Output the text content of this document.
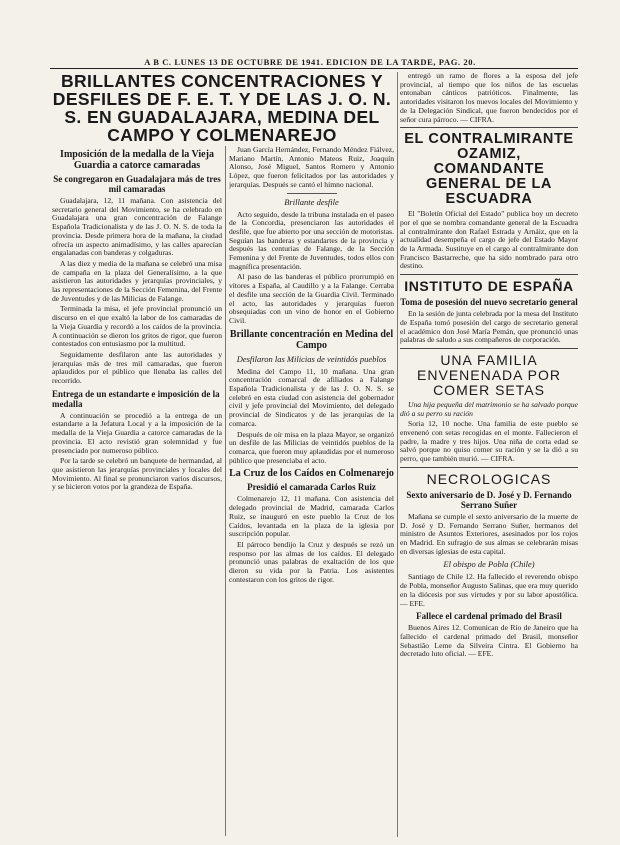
A B C. LUNES 13 DE OCTUBRE DE 1941. EDICION DE LA TARDE, PAG. 20.
BRILLANTES CONCENTRACIONES Y DESFILES DE F. E. T. Y DE LAS J. O. N. S. EN GUADALAJARA, MEDINA DEL CAMPO Y COLMENAREJO
Imposición de la medalla de la Vieja Guardia a catorce camaradas
Se congregaron en Guadalajara más de tres mil camaradas

Guadalajara, 12, 11 mañana. Con asistencia del secretario general del Movimiento, se ha celebrado en Guadalajara una gran concentración de Falange Española Tradicionalista y de las J. O. N. S. de toda la provincia. Desde primera hora de la mañana, la ciudad ofrecía un aspecto animadísimo, y las calles aparecían engalanadas con banderas y colgaduras.

A las diez y media de la mañana se celebró una misa de campaña en la plaza del Generalísimo, a la que asistieron las autoridades y jerarquías provinciales, y las representaciones de la Sección Femenina, del Frente de Juventudes y de las Milicias de Falange.

Terminada la misa, el jefe provincial pronunció un discurso en el que exaltó la labor de los camaradas de la Vieja Guardia y recordó a los caídos de la provincia. A continuación se dieron los gritos de rigor, que fueron contestados con entusiasmo por la multitud.

Seguidamente desfilaron ante las autoridades y jerarquías más de tres mil camaradas, que fueron aplaudidos por el público que llenaba las calles del recorrido.

Entrega de un estandarte e imposición de la medalla

A continuación se procedió a la entrega de un estandarte a la Jefatura Local y a la imposición de la medalla de la Vieja Guardia a catorce camaradas de la provincia. El acto revistió gran solemnidad y fue presenciado por numeroso público.

Por la tarde se celebró un banquete de hermandad, al que asistieron las jerarquías provinciales y locales del Movimiento. Al final se pronunciaron varios discursos, y se hicieron votos por la grandeza de España.

Juan García Hernández, Fernando Méndez Fiálvez, Mariano Martín, Antonio Mateos Ruiz, Joaquín Alonso, José Miguel, Santos Romero y Antonio López, que fueron felicitados por las autoridades y jerarquías. Después se cantó el himno nacional.

Brillante desfile

Acto seguido, desde la tribuna instalada en el paseo de la Concordia, presenciaron las autoridades el desfile, que fue abierto por una sección de motoristas. Seguían las banderas y estandartes de la provincia y después las centurias de Falange, de la Sección Femenina y del Frente de Juventudes, todos ellos con magnífica presentación.

Al paso de las banderas el público prorrumpió en vítores a España, al Caudillo y a la Falange. Cerraba el desfile una sección de la Guardia Civil. Terminado el acto, las autoridades y jerarquías fueron obsequiadas con un vino de honor en el Gobierno Civil.

Brillante concentración en Medina del Campo
Desfilaron las Milicias de veintidós pueblos

Medina del Campo 11, 10 mañana. Una gran concentración comarcal de afiliados a Falange Española Tradicionalista y de las J. O. N. S. se celebró en esta ciudad con asistencia del gobernador civil y jefe provincial del Movimiento, del delegado provincial de Sindicatos y de las jerarquías de la comarca.

Después de oír misa en la plaza Mayor, se organizó un desfile de las Milicias de veintidós pueblos de la comarca, que fueron muy aplaudidas por el numeroso público que presenciaba el acto.

La Cruz de los Caídos en Colmenarejo
Presidió el camarada Carlos Ruiz

Colmenarejo 12, 11 mañana. Con asistencia del delegado provincial de Madrid, camarada Carlos Ruiz, se inauguró en este pueblo la Cruz de los Caídos, levantada en la plaza de la iglesia por suscripción popular.

El párroco bendijo la Cruz y después se rezó un responso por las almas de los caídos. El delegado pronunció unas palabras de exaltación de los que dieron su vida por la Patria. Los asistentes contestaron con los gritos de rigor.

entregó un ramo de flores a la esposa del jefe provincial, al tiempo que los niños de las escuelas entonaban cánticos patrióticos. Finalmente, las autoridades visitaron los nuevos locales del Movimiento y de la Delegación Sindical, que fueron bendecidos por el señor cura párroco. — CIFRA.

EL CONTRALMIRANTE OZAMIZ, COMANDANTE GENERAL DE LA ESCUADRA

El "Boletín Oficial del Estado" publica hoy un decreto por el que se nombra comandante general de la Escuadra al contralmirante don Rafael Estrada y Arnáiz, que en la actualidad desempeña el cargo de jefe del Estado Mayor de la Armada. Sustituye en el cargo al contralmirante don Francisco Bastarreche, que ha sido nombrado para otro destino.

INSTITUTO DE ESPAÑA
Toma de posesión del nuevo secretario general

En la sesión de junta celebrada por la mesa del Instituto de España tomó posesión del cargo de secretario general el académico don José María Pemán, que pronunció unas palabras de saludo a sus compañeros de corporación.

UNA FAMILIA ENVENENADA POR COMER SETAS

Una hija pequeña del matrimonio se ha salvado porque dió a su perro su ración

Soria 12, 10 noche. Una familia de este pueblo se envenenó con setas recogidas en el monte. Fallecieron el padre, la madre y tres hijos. Una niña de corta edad se salvó porque no quiso comer su ración y se la dió a su perro, que también murió. — CIFRA.

NECROLOGICAS
Sexto aniversario de D. José y D. Fernando Serrano Suñer

Mañana se cumple el sexto aniversario de la muerte de D. José y D. Fernando Serrano Suñer, hermanos del ministro de Asuntos Exteriores, asesinados por los rojos en Madrid. En sufragio de sus almas se celebrarán misas en diversas iglesias de esta capital.

El obispo de Pobla (Chile)

Santiago de Chile 12. Ha fallecido el reverendo obispo de Pobla, monseñor Augusto Salinas, que era muy querido en la diócesis por sus virtudes y por su labor apostólica. — EFE.

Fallece el cardenal primado del Brasil

Buenos Aires 12. Comunican de Río de Janeiro que ha fallecido el cardenal primado del Brasil, monseñor Sebastião Leme da Silveira Cintra. El Gobierno ha decretado luto oficial. — EFE.
